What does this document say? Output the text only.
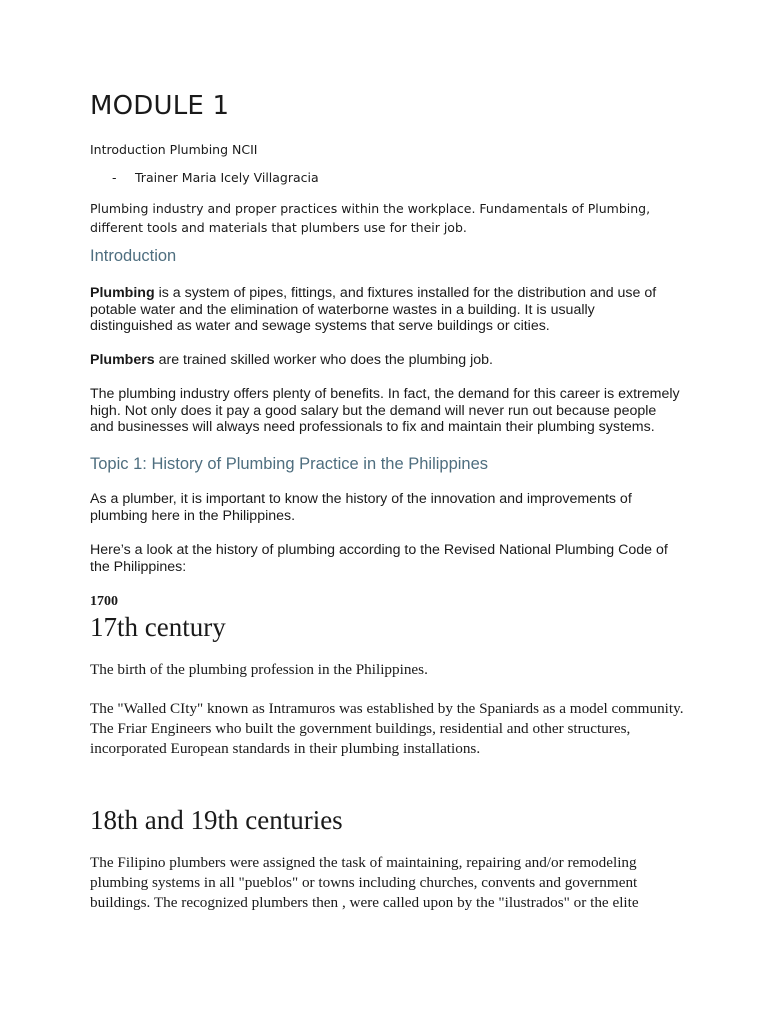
MODULE 1

Introduction Plumbing NCII

- Trainer Maria Icely Villagracia

Plumbing industry and proper practices within the workplace. Fundamentals of Plumbing, different tools and materials that plumbers use for their job.

Introduction

Plumbing is a system of pipes, fittings, and fixtures installed for the distribution and use of potable water and the elimination of waterborne wastes in a building. It is usually distinguished as water and sewage systems that serve buildings or cities.

Plumbers are trained skilled worker who does the plumbing job.

The plumbing industry offers plenty of benefits. In fact, the demand for this career is extremely high. Not only does it pay a good salary but the demand will never run out because people and businesses will always need professionals to fix and maintain their plumbing systems.

Topic 1: History of Plumbing Practice in the Philippines

As a plumber, it is important to know the history of the innovation and improvements of plumbing here in the Philippines.

Here’s a look at the history of plumbing according to the Revised National Plumbing Code of the Philippines:

1700

17th century

The birth of the plumbing profession in the Philippines.

The "Walled CIty" known as Intramuros was established by the Spaniards as a model community. The Friar Engineers who built the government buildings, residential and other structures, incorporated European standards in their plumbing installations.

18th and 19th centuries

The Filipino plumbers were assigned the task of maintaining, repairing and/or remodeling plumbing systems in all "pueblos" or towns including churches, convents and government buildings. The recognized plumbers then , were called upon by the "ilustrados" or the elite
